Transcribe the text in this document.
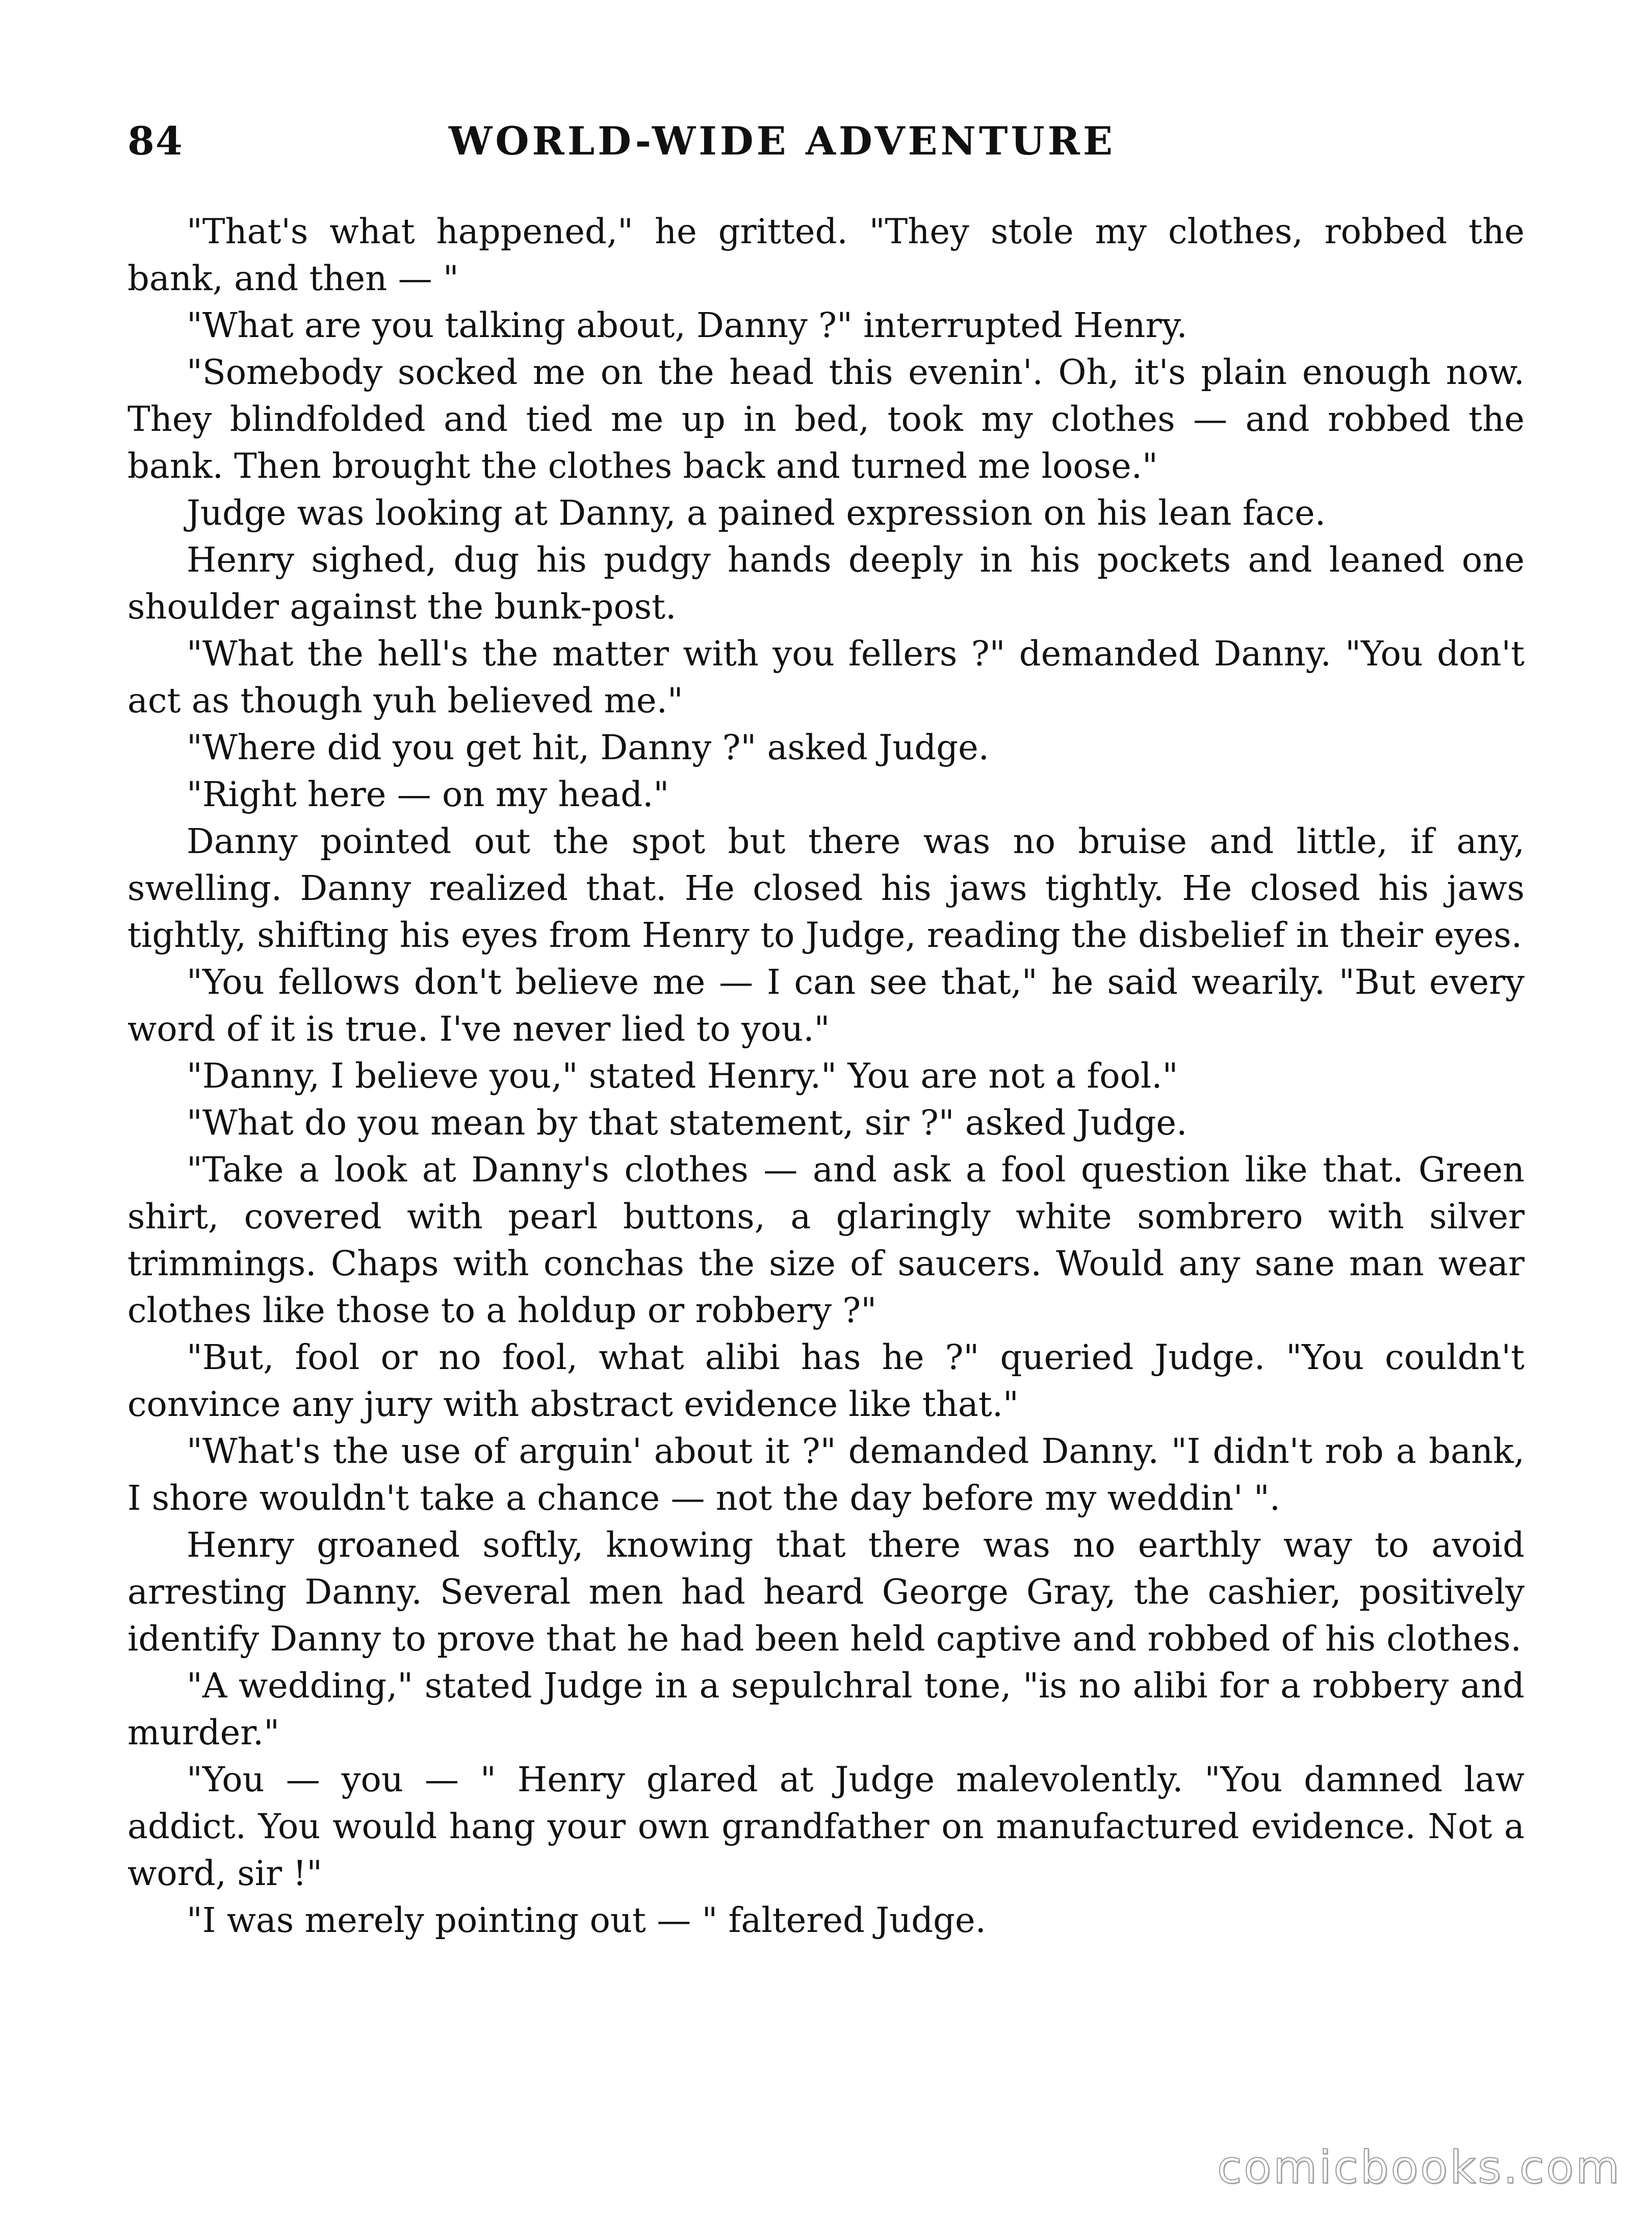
84	WORLD-WIDE ADVENTURE

"That's what happened," he gritted. "They stole my clothes, robbed the bank, and then — "

"What are you talking about, Danny ?" interrupted Henry.

"Somebody socked me on the head this evenin'. Oh, it's plain enough now. They blindfolded and tied me up in bed, took my clothes — and robbed the bank. Then brought the clothes back and turned me loose."

Judge was looking at Danny, a pained expression on his lean face.

Henry sighed, dug his pudgy hands deeply in his pockets and leaned one shoulder against the bunk-post.

"What the hell's the matter with you fellers ?" demanded Danny. "You don't act as though yuh believed me."

"Where did you get hit, Danny ?" asked Judge.

"Right here — on my head."

Danny pointed out the spot but there was no bruise and little, if any, swelling. Danny realized that. He closed his jaws tightly. He closed his jaws tightly, shifting his eyes from Henry to Judge, reading the disbelief in their eyes.

"You fellows don't believe me — I can see that," he said wearily. "But every word of it is true. I've never lied to you."

"Danny, I believe you," stated Henry." You are not a fool."

"What do you mean by that statement, sir ?" asked Judge.

"Take a look at Danny's clothes — and ask a fool question like that. Green shirt, covered with pearl buttons, a glaringly white sombrero with silver trimmings. Chaps with conchas the size of saucers. Would any sane man wear clothes like those to a holdup or robbery ?"

"But, fool or no fool, what alibi has he ?" queried Judge. "You couldn't convince any jury with abstract evidence like that."

"What's the use of arguin' about it ?" demanded Danny. "I didn't rob a bank, I shore wouldn't take a chance — not the day before my weddin' ".

Henry groaned softly, knowing that there was no earthly way to avoid arresting Danny. Several men had heard George Gray, the cashier, positively identify Danny to prove that he had been held captive and robbed of his clothes.

"A wedding," stated Judge in a sepulchral tone, "is no alibi for a robbery and murder."

"You — you — " Henry glared at Judge malevolently. "You damned law addict. You would hang your own grandfather on manufactured evidence. Not a word, sir !"

"I was merely pointing out — " faltered Judge.

comicbooks.com
